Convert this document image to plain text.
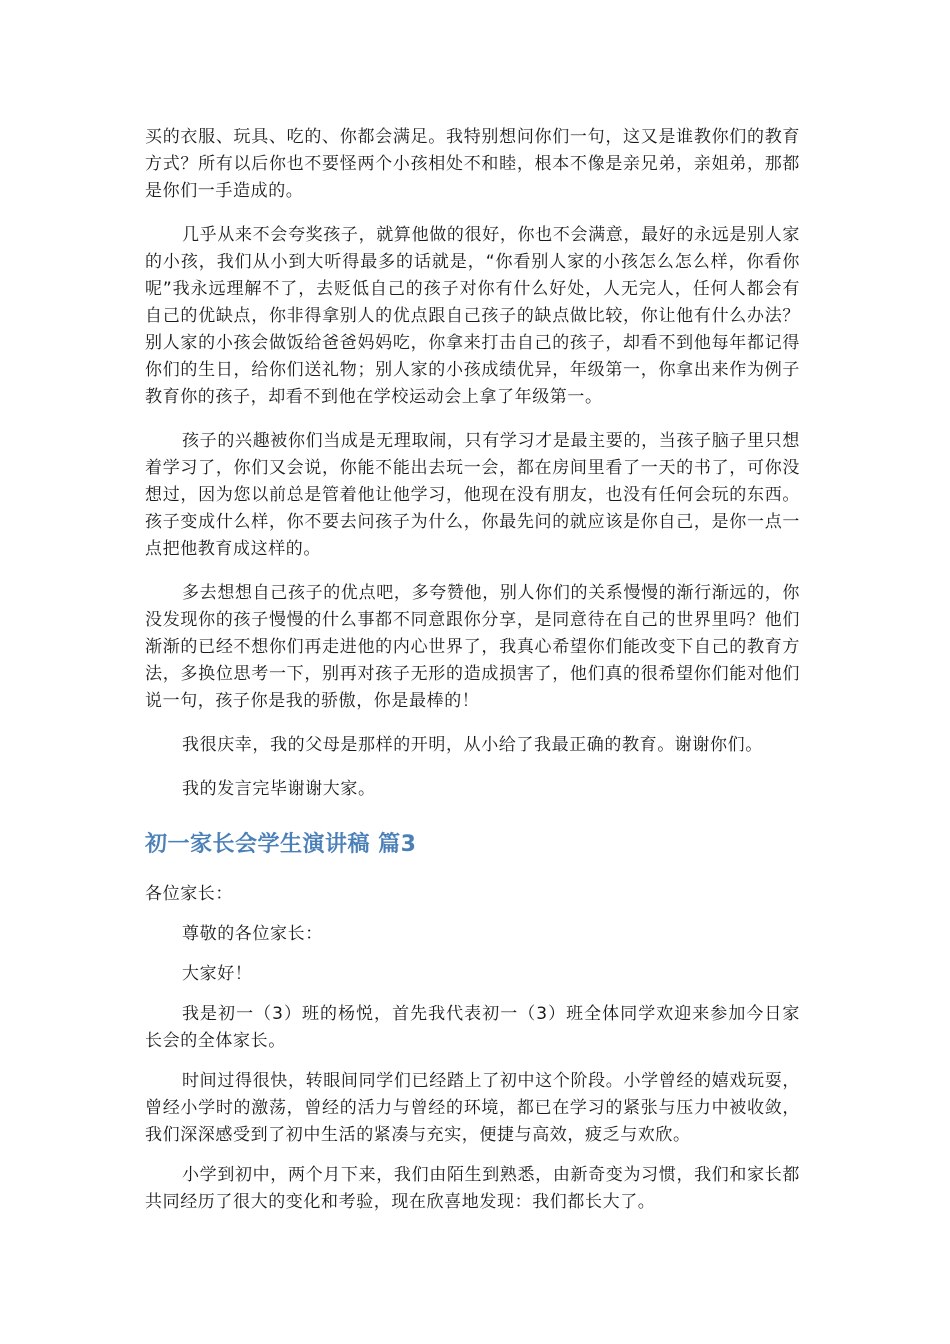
买的衣服、玩具、吃的、你都会满足。我特别想问你们一句，这又是谁教你们的教育方式？所有以后你也不要怪两个小孩相处不和睦，根本不像是亲兄弟，亲姐弟，那都是你们一手造成的。

几乎从来不会夸奖孩子，就算他做的很好，你也不会满意，最好的永远是别人家的小孩，我们从小到大听得最多的话就是，“你看别人家的小孩怎么怎么样，你看你呢”我永远理解不了，去贬低自己的孩子对你有什么好处，人无完人，任何人都会有自己的优缺点，你非得拿别人的优点跟自己孩子的缺点做比较，你让他有什么办法？别人家的小孩会做饭给爸爸妈妈吃，你拿来打击自己的孩子，却看不到他每年都记得你们的生日，给你们送礼物；别人家的小孩成绩优异，年级第一，你拿出来作为例子教育你的孩子，却看不到他在学校运动会上拿了年级第一。

孩子的兴趣被你们当成是无理取闹，只有学习才是最主要的，当孩子脑子里只想着学习了，你们又会说，你能不能出去玩一会，都在房间里看了一天的书了，可你没想过，因为您以前总是管着他让他学习，他现在没有朋友，也没有任何会玩的东西。孩子变成什么样，你不要去问孩子为什么，你最先问的就应该是你自己，是你一点一点把他教育成这样的。

多去想想自己孩子的优点吧，多夸赞他，别人你们的关系慢慢的渐行渐远的，你没发现你的孩子慢慢的什么事都不同意跟你分享，是同意待在自己的世界里吗？他们渐渐的已经不想你们再走进他的内心世界了，我真心希望你们能改变下自己的教育方法，多换位思考一下，别再对孩子无形的造成损害了，他们真的很希望你们能对他们说一句，孩子你是我的骄傲，你是最棒的！

我很庆幸，我的父母是那样的开明，从小给了我最正确的教育。谢谢你们。

我的发言完毕谢谢大家。

初一家长会学生演讲稿 篇3

各位家长：

尊敬的各位家长：

大家好！

我是初一（3）班的杨悦，首先我代表初一（3）班全体同学欢迎来参加今日家长会的全体家长。

时间过得很快，转眼间同学们已经踏上了初中这个阶段。小学曾经的嬉戏玩耍，曾经小学时的激荡，曾经的活力与曾经的环境，都已在学习的紧张与压力中被收敛，我们深深感受到了初中生活的紧凑与充实，便捷与高效，疲乏与欢欣。

小学到初中，两个月下来，我们由陌生到熟悉，由新奇变为习惯，我们和家长都共同经历了很大的变化和考验，现在欣喜地发现：我们都长大了。
